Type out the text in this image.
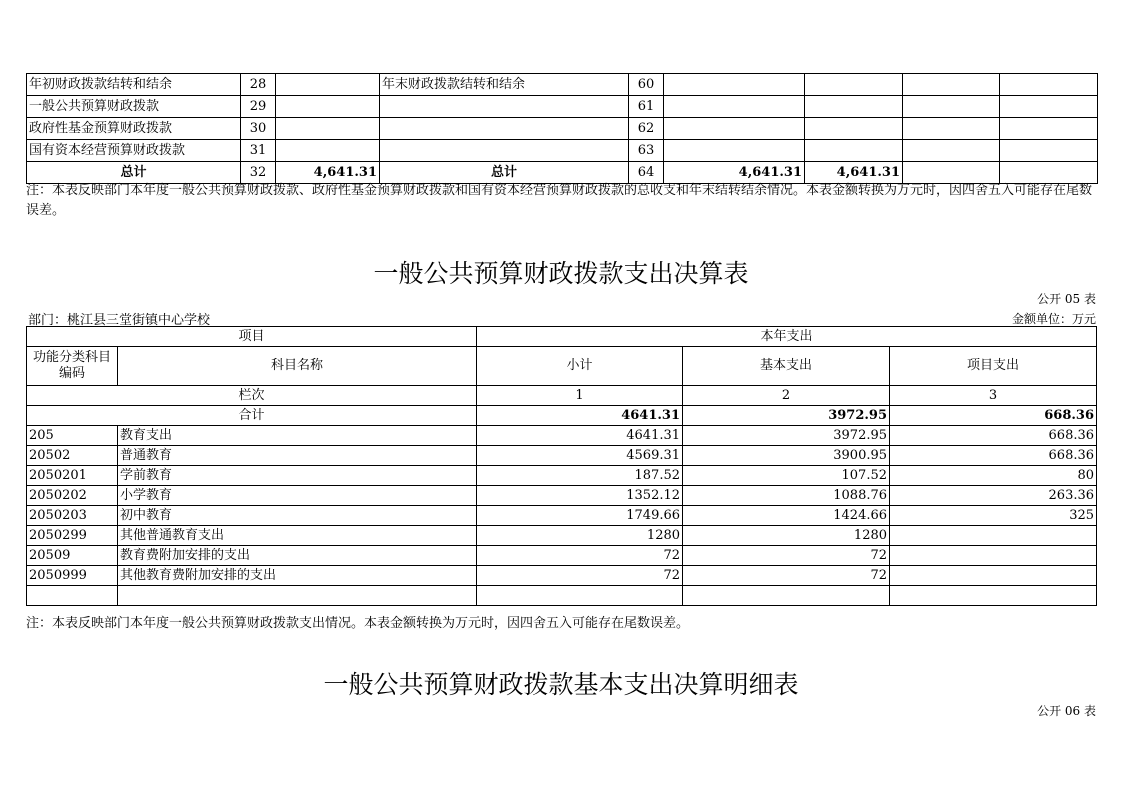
年初财政拨款结转和结余	28		年末财政拨款结转和结余	60				
一般公共预算财政拨款	29			61				
政府性基金预算财政拨款	30			62				
国有资本经营预算财政拨款	31			63				
总计	32	4,641.31	总计	64	4,641.31	4,641.31		
注：本表反映部门本年度一般公共预算财政拨款、政府性基金预算财政拨款和国有资本经营预算财政拨款的总收支和年末结转结余情况。本表金额转换为万元时，因四舍五入可能存在尾数误差。
一般公共预算财政拨款支出决算表
公开 05 表
部门：桃江县三堂街镇中心学校	金额单位：万元
项目		本年支出		
功能分类科目编码	科目名称	小计	基本支出	项目支出
栏次		1	2	3
合计		4641.31	3972.95	668.36
205	教育支出	4641.31	3972.95	668.36
20502	普通教育	4569.31	3900.95	668.36
2050201	学前教育	187.52	107.52	80
2050202	小学教育	1352.12	1088.76	263.36
2050203	初中教育	1749.66	1424.66	325
2050299	其他普通教育支出	1280	1280	
20509	教育费附加安排的支出	72	72	
2050999	其他教育费附加安排的支出	72	72	

注：本表反映部门本年度一般公共预算财政拨款支出情况。本表金额转换为万元时，因四舍五入可能存在尾数误差。
一般公共预算财政拨款基本支出决算明细表
公开 06 表
